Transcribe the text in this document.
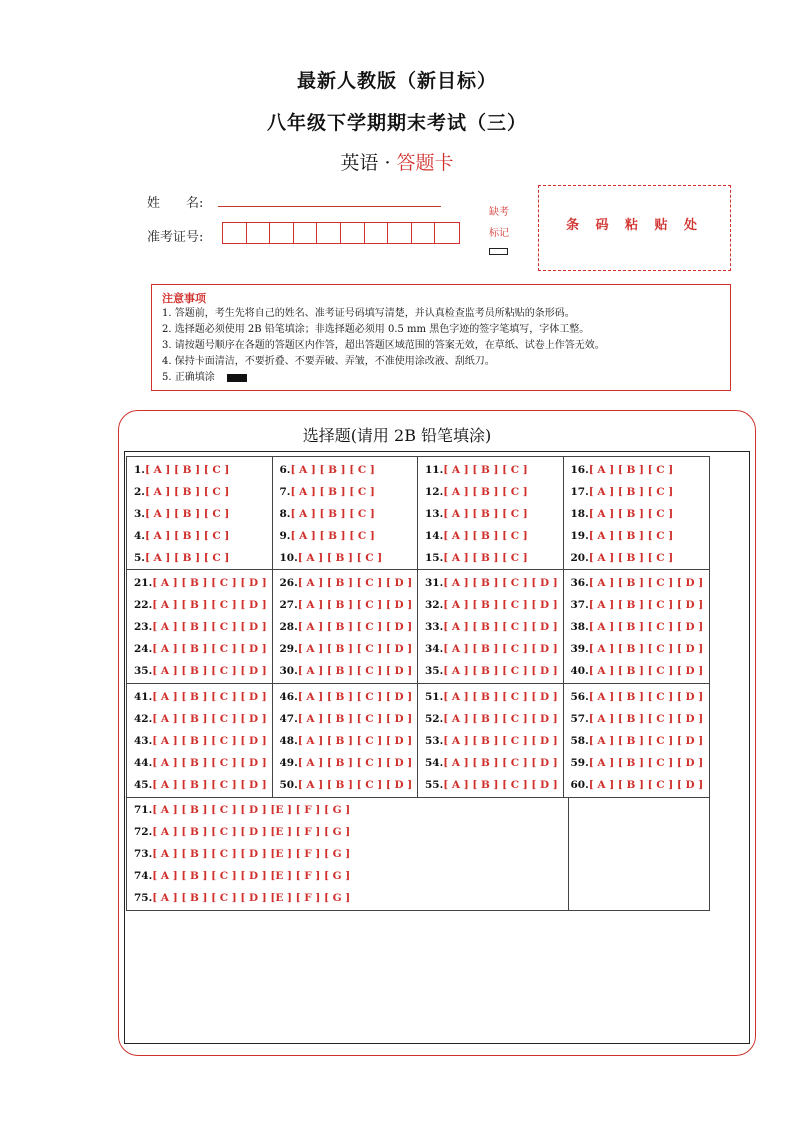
最新人教版（新目标）
八年级下学期期末考试（三）
英语 · 答题卡
姓　　名:
准考证号:
缺考
标记
条 码 粘 贴 处
注意事项
1. 答题前，考生先将自己的姓名、准考证号码填写清楚，并认真检查监考员所粘贴的条形码。
2. 选择题必须使用 2B 铅笔填涂；非选择题必须用 0.5 mm 黑色字迹的签字笔填写，字体工整。
3. 请按题号顺序在各题的答题区内作答，超出答题区域范围的答案无效，在草纸、试卷上作答无效。
4. 保持卡面清洁，不要折叠、不要弄破、弄皱，不准使用涂改液、刮纸刀。
5. 正确填涂
选择题(请用 2B 铅笔填涂)
1.[ A ] [ B ] [ C ]
2.[ A ] [ B ] [ C ]
3.[ A ] [ B ] [ C ]
4.[ A ] [ B ] [ C ]
5.[ A ] [ B ] [ C ]
6.[ A ] [ B ] [ C ]
7.[ A ] [ B ] [ C ]
8.[ A ] [ B ] [ C ]
9.[ A ] [ B ] [ C ]
10.[ A ] [ B ] [ C ]
11.[ A ] [ B ] [ C ]
12.[ A ] [ B ] [ C ]
13.[ A ] [ B ] [ C ]
14.[ A ] [ B ] [ C ]
15.[ A ] [ B ] [ C ]
16.[ A ] [ B ] [ C ]
17.[ A ] [ B ] [ C ]
18.[ A ] [ B ] [ C ]
19.[ A ] [ B ] [ C ]
20.[ A ] [ B ] [ C ]
21.[ A ] [ B ] [ C ] [ D ]
22.[ A ] [ B ] [ C ] [ D ]
23.[ A ] [ B ] [ C ] [ D ]
24.[ A ] [ B ] [ C ] [ D ]
35.[ A ] [ B ] [ C ] [ D ]
26.[ A ] [ B ] [ C ] [ D ]
27.[ A ] [ B ] [ C ] [ D ]
28.[ A ] [ B ] [ C ] [ D ]
29.[ A ] [ B ] [ C ] [ D ]
30.[ A ] [ B ] [ C ] [ D ]
31.[ A ] [ B ] [ C ] [ D ]
32.[ A ] [ B ] [ C ] [ D ]
33.[ A ] [ B ] [ C ] [ D ]
34.[ A ] [ B ] [ C ] [ D ]
35.[ A ] [ B ] [ C ] [ D ]
36.[ A ] [ B ] [ C ] [ D ]
37.[ A ] [ B ] [ C ] [ D ]
38.[ A ] [ B ] [ C ] [ D ]
39.[ A ] [ B ] [ C ] [ D ]
40.[ A ] [ B ] [ C ] [ D ]
41.[ A ] [ B ] [ C ] [ D ]
42.[ A ] [ B ] [ C ] [ D ]
43.[ A ] [ B ] [ C ] [ D ]
44.[ A ] [ B ] [ C ] [ D ]
45.[ A ] [ B ] [ C ] [ D ]
46.[ A ] [ B ] [ C ] [ D ]
47.[ A ] [ B ] [ C ] [ D ]
48.[ A ] [ B ] [ C ] [ D ]
49.[ A ] [ B ] [ C ] [ D ]
50.[ A ] [ B ] [ C ] [ D ]
51.[ A ] [ B ] [ C ] [ D ]
52.[ A ] [ B ] [ C ] [ D ]
53.[ A ] [ B ] [ C ] [ D ]
54.[ A ] [ B ] [ C ] [ D ]
55.[ A ] [ B ] [ C ] [ D ]
56.[ A ] [ B ] [ C ] [ D ]
57.[ A ] [ B ] [ C ] [ D ]
58.[ A ] [ B ] [ C ] [ D ]
59.[ A ] [ B ] [ C ] [ D ]
60.[ A ] [ B ] [ C ] [ D ]
71.[ A ] [ B ] [ C ] [ D ] [E ] [ F ] [ G ]
72.[ A ] [ B ] [ C ] [ D ] [E ] [ F ] [ G ]
73.[ A ] [ B ] [ C ] [ D ] [E ] [ F ] [ G ]
74.[ A ] [ B ] [ C ] [ D ] [E ] [ F ] [ G ]
75.[ A ] [ B ] [ C ] [ D ] [E ] [ F ] [ G ]
